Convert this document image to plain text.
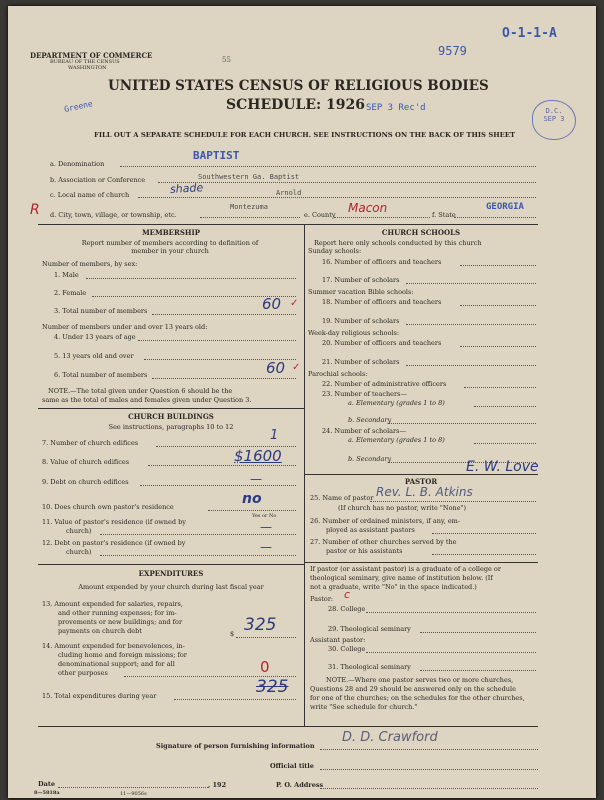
DEPARTMENT OF COMMERCE
BUREAU OF THE CENSUS
WASHINGTON
55
9579
O-1-1-A
UNITED STATES CENSUS OF RELIGIOUS BODIES
SCHEDULE: 1926
Greene	SEP 3 Rec'd	D.C.
SEP 3
FILL OUT A SEPARATE SCHEDULE FOR EACH CHURCH. SEE INSTRUCTIONS ON THE BACK OF THIS SHEET
a. Denomination
BAPTIST
b. Association or Conference	Southwestern Ga. Baptist
c. Local name of church	shade	Arnold
R d. City, town, village, or township, etc.
Montezuma
e. County Macon	f. State
GEORGIA
MEMBERSHIP
Report number of members according to definition of
member in your church
Number of members, by sex:
1. Male
2. Female
3. Total number of members	60 ✓
Number of members under and over 13 years old:
4. Under 13 years of age
5. 13 years old and over
6. Total number of members	60 ✓
NOTE.—The total given under Question 6 should be the
same as the total of males and females given under Question 3.
CHURCH BUILDINGS
See instructions, paragraphs 10 to 12
7. Number of church edifices	1
8. Value of church edifices	$1600
9. Debt on church edifices	—
10. Does church own pastor's residence	no
Yes or No
11. Value of pastor's residence (if owned by
church)	—
12. Debt on pastor's residence (if owned by
church)	—
EXPENDITURES
Amount expended by your church during last fiscal year
13. Amount expended for salaries, repairs,
and other running expenses; for im-
provements or new buildings; and for
payments on church debt	$ 325
14. Amount expended for benevolences, in-
cluding home and foreign missions; for
denominational support; and for all
other purposes	0
15. Total expenditures during year	325
CHURCH SCHOOLS
Report here only schools conducted by this church
Sunday schools:
16. Number of officers and teachers
17. Number of scholars
Summer vacation Bible schools:
18. Number of officers and teachers
19. Number of scholars
Week-day religious schools:
20. Number of officers and teachers
21. Number of scholars
Parochial schools:
22. Number of administrative officers
23. Number of teachers—
a. Elementary (grades 1 to 8)
b. Secondary
24. Number of scholars—
a. Elementary (grades 1 to 8)
b. Secondary
PASTOR
E. W. Love
25. Name of pastor Rev. L. B. Atkins
(If church has no pastor, write "None")
26. Number of ordained ministers, if any, em-
ployed as assistant pastors
27. Number of other churches served by the
pastor or his assistants
If pastor (or assistant pastor) is a graduate of a college or
theological seminary, give name of institution below. (If
not a graduate, write "No" in the space indicated.)
Pastor: c
28. College
29. Theological seminary
Assistant pastor:
30. College
31. Theological seminary
NOTE.—Where one pastor serves two or more churches,
Questions 28 and 29 should be answered only on the schedule
for one of the churches; on the schedules for the other churches,
write "See schedule for church."
Signature of person furnishing information
D. D. Crawford
Official title
Date	, 192	P. O. Address
8—5818a	11—9056s
